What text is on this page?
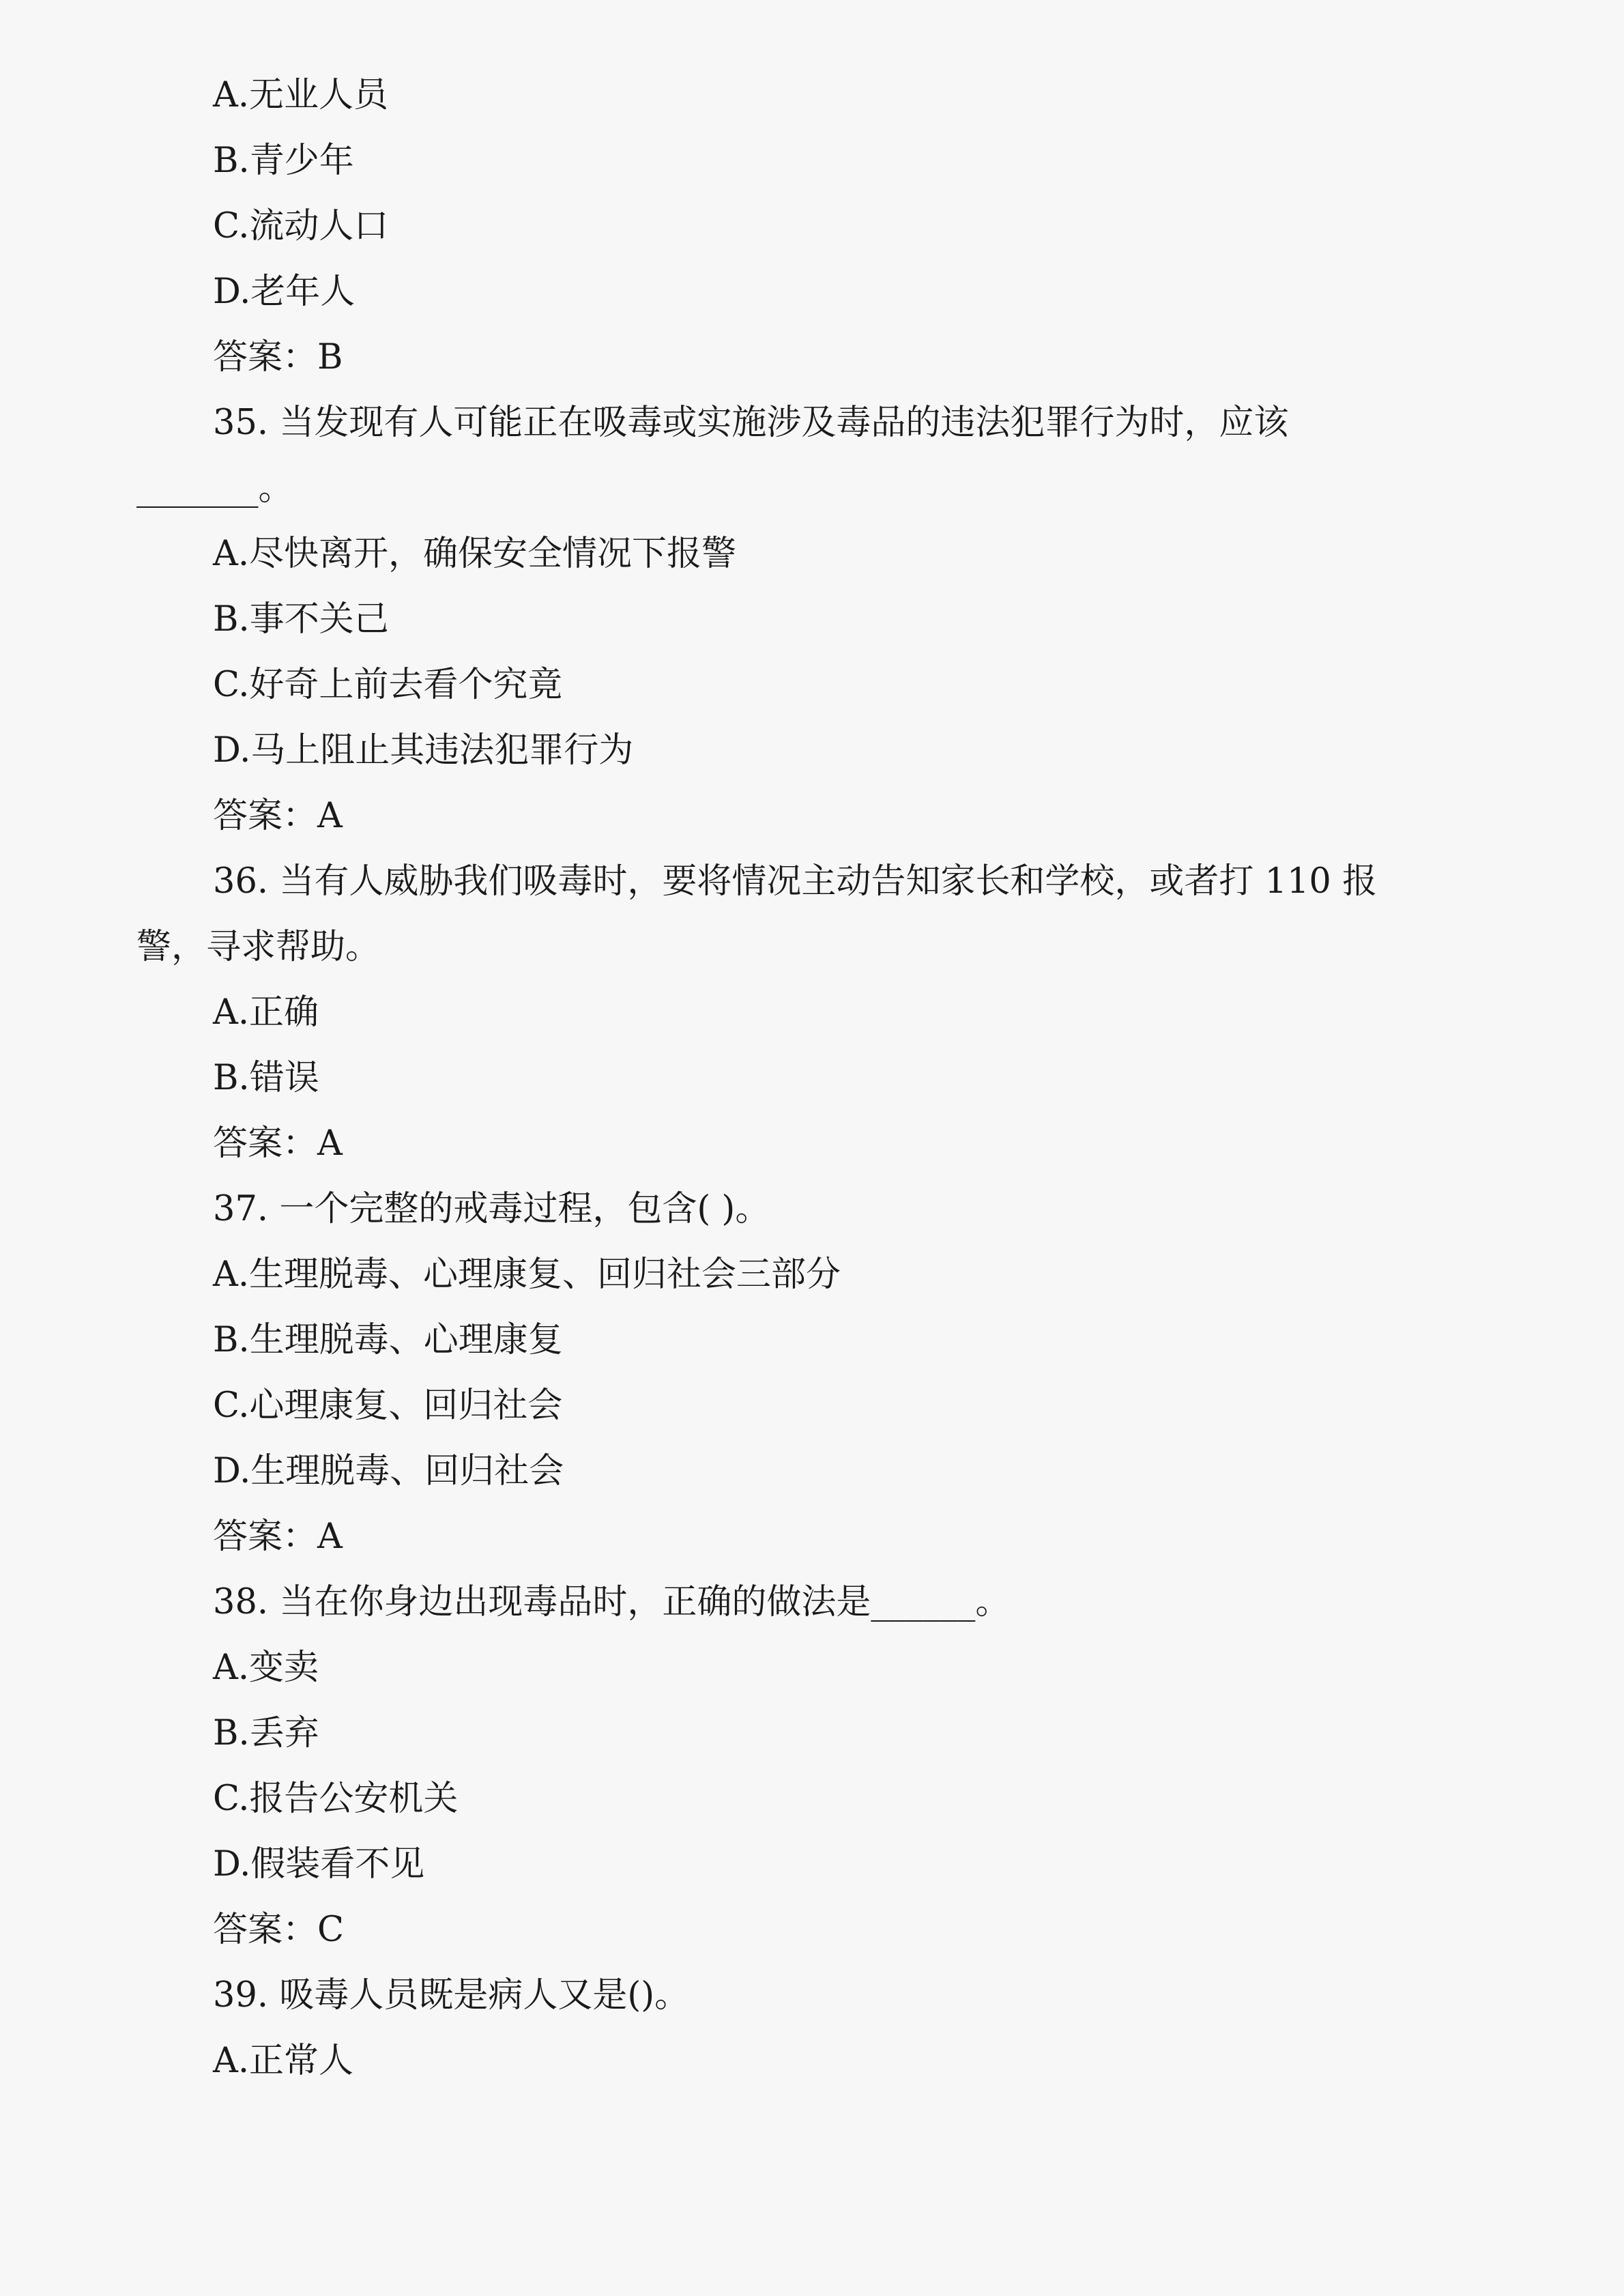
A.无业人员
B.青少年
C.流动人口
D.老年人
答案：B
35. 当发现有人可能正在吸毒或实施涉及毒品的违法犯罪行为时，应该
_______。
A.尽快离开，确保安全情况下报警
B.事不关己
C.好奇上前去看个究竟
D.马上阻止其违法犯罪行为
答案：A
36. 当有人威胁我们吸毒时，要将情况主动告知家长和学校，或者打 110 报
警，寻求帮助。
A.正确
B.错误
答案：A
37. 一个完整的戒毒过程，包含( )。
A.生理脱毒、心理康复、回归社会三部分
B.生理脱毒、心理康复
C.心理康复、回归社会
D.生理脱毒、回归社会
答案：A
38. 当在你身边出现毒品时，正确的做法是______。
A.变卖
B.丢弃
C.报告公安机关
D.假装看不见
答案：C
39. 吸毒人员既是病人又是()。
A.正常人
